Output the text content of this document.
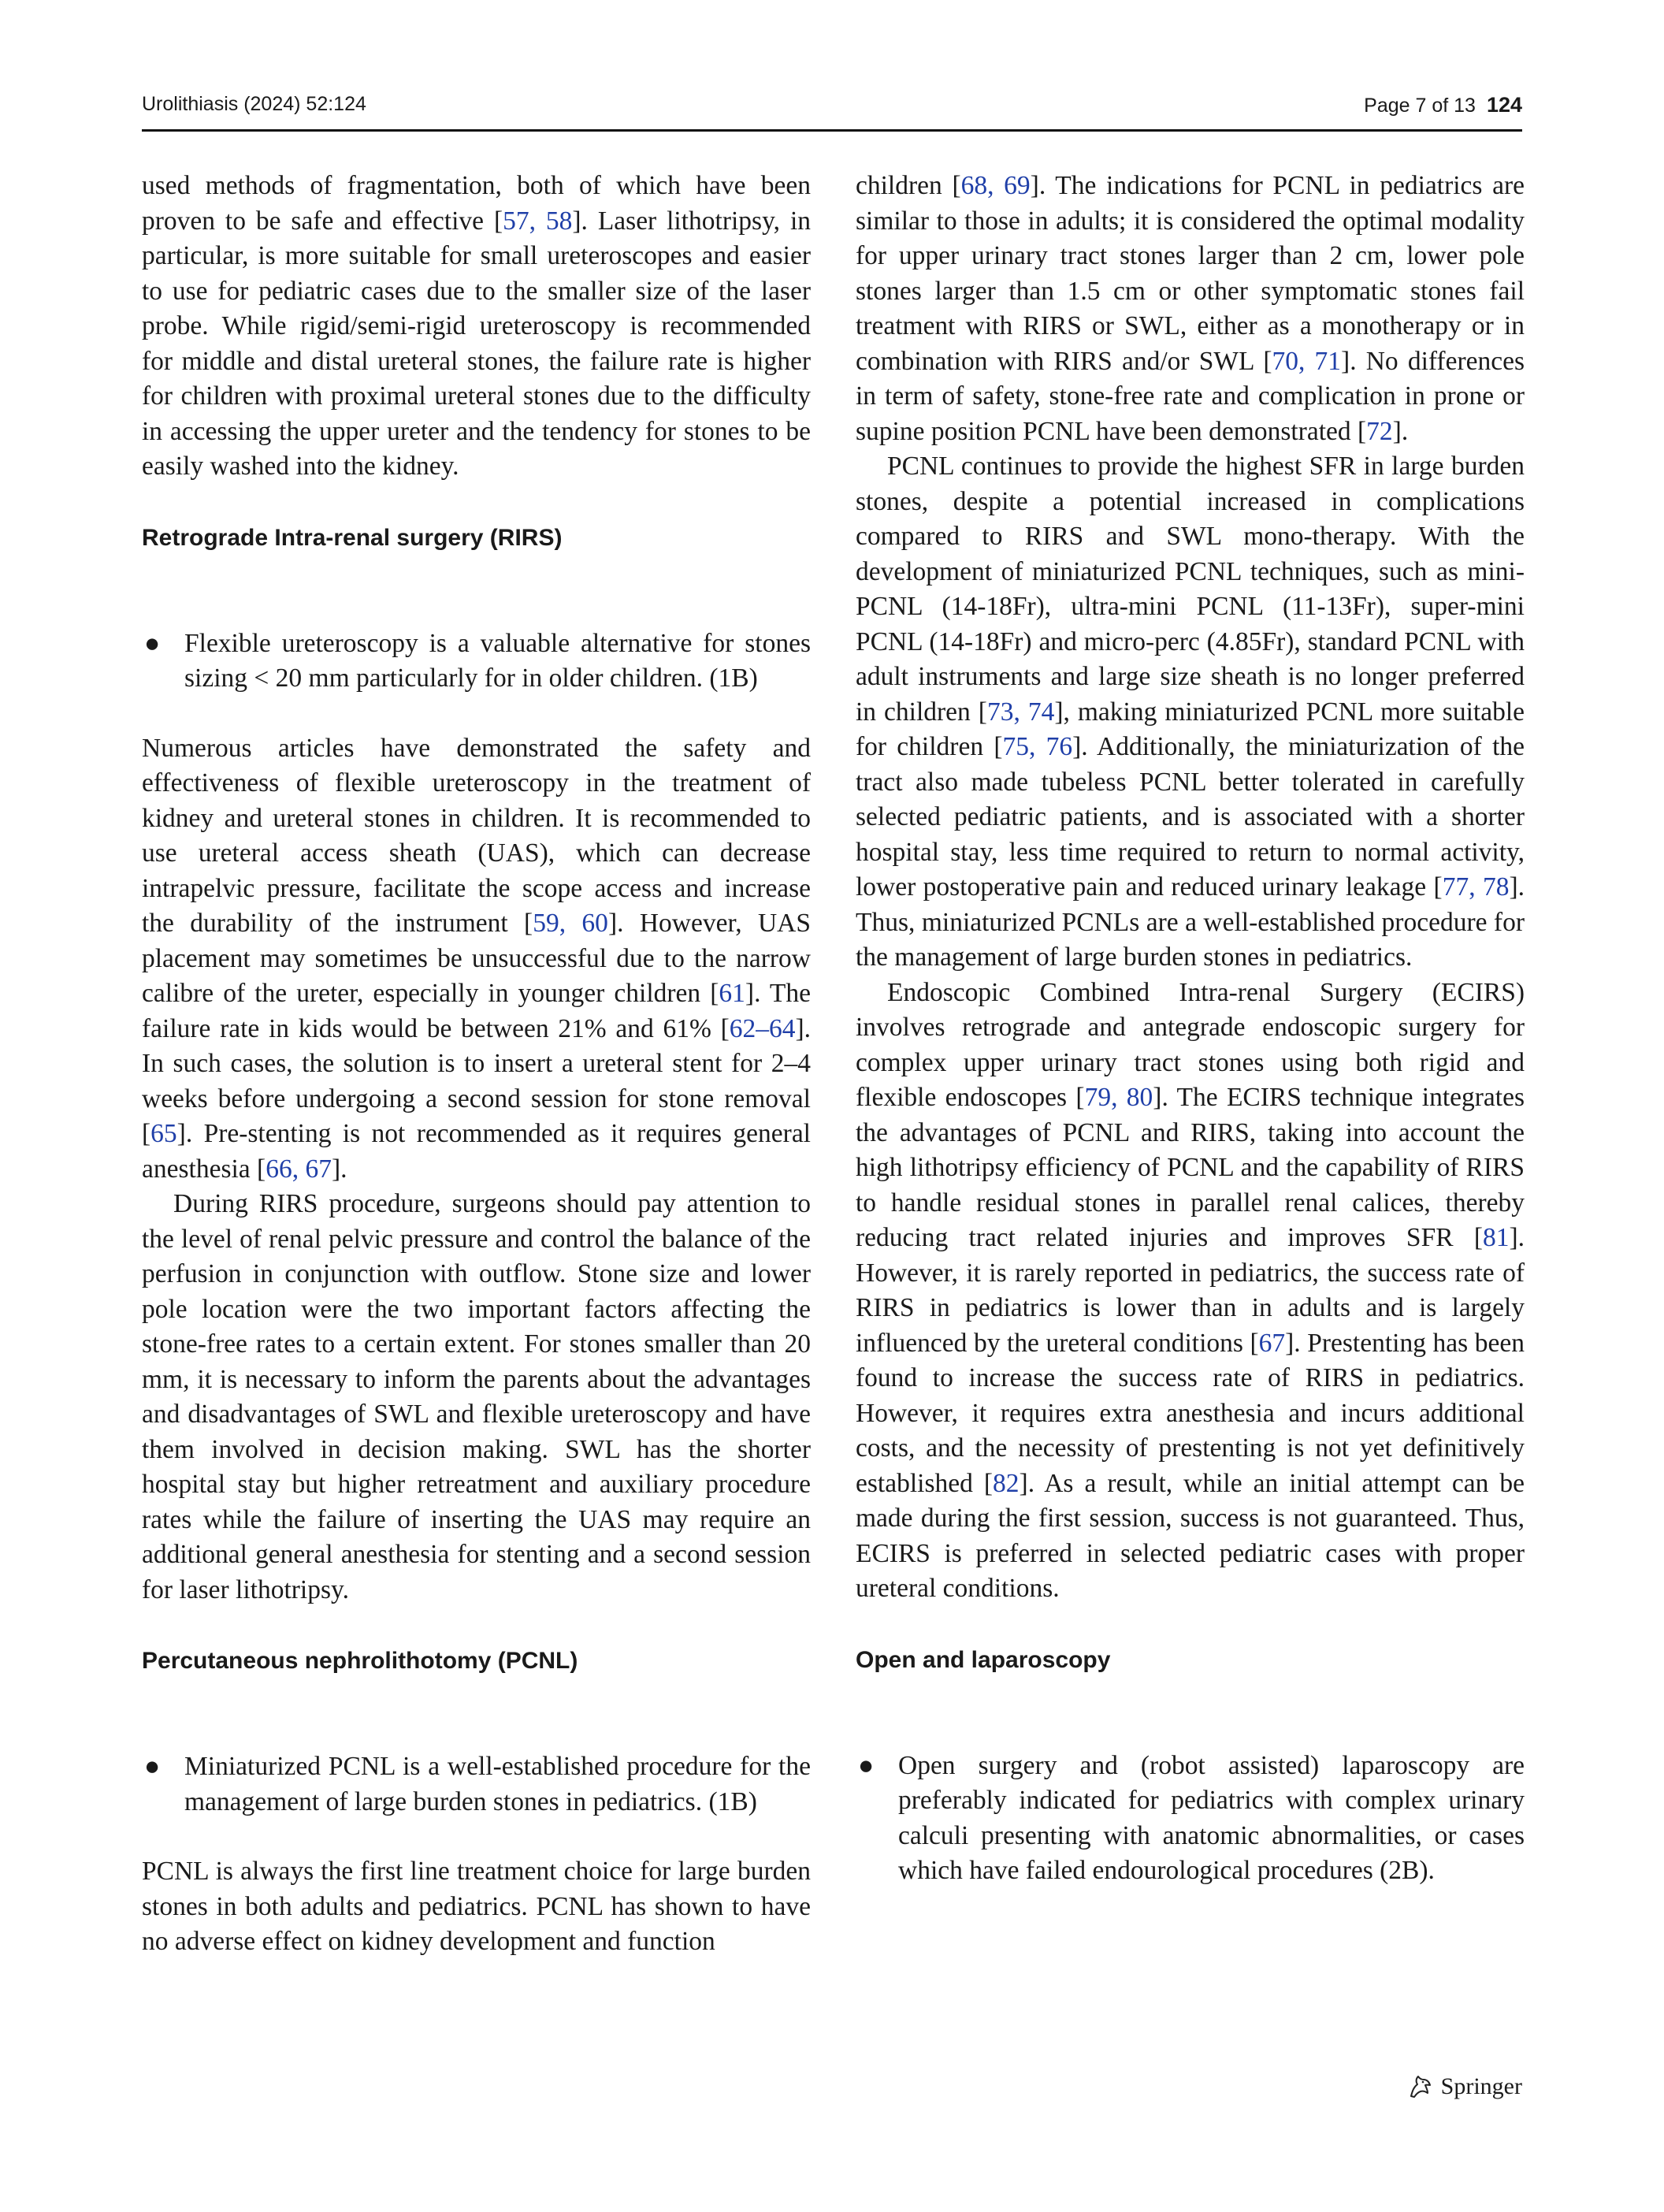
Urolithiasis (2024) 52:124	Page 7 of 13 124

used methods of fragmentation, both of which have been proven to be safe and effective [57, 58]. Laser lithotripsy, in particular, is more suitable for small ureteroscopes and easier to use for pediatric cases due to the smaller size of the laser probe. While rigid/semi-rigid ureteroscopy is recommended for middle and distal ureteral stones, the failure rate is higher for children with proximal ureteral stones due to the difficulty in accessing the upper ureter and the tendency for stones to be easily washed into the kidney.

Retrograde Intra-renal surgery (RIRS)
● Flexible ureteroscopy is a valuable alternative for stones sizing < 20 mm particularly for in older children. (1B)

Numerous articles have demonstrated the safety and effectiveness of flexible ureteroscopy in the treatment of kidney and ureteral stones in children. It is recommended to use ureteral access sheath (UAS), which can decrease intrapelvic pressure, facilitate the scope access and increase the durability of the instrument [59, 60]. However, UAS placement may sometimes be unsuccessful due to the narrow calibre of the ureter, especially in younger children [61]. The failure rate in kids would be between 21% and 61% [62–64]. In such cases, the solution is to insert a ureteral stent for 2–4 weeks before undergoing a second session for stone removal [65]. Pre-stenting is not recommended as it requires general anesthesia [66, 67].

During RIRS procedure, surgeons should pay attention to the level of renal pelvic pressure and control the balance of the perfusion in conjunction with outflow. Stone size and lower pole location were the two important factors affecting the stone-free rates to a certain extent. For stones smaller than 20 mm, it is necessary to inform the parents about the advantages and disadvantages of SWL and flexible ureteroscopy and have them involved in decision making. SWL has the shorter hospital stay but higher retreatment and auxiliary procedure rates while the failure of inserting the UAS may require an additional general anesthesia for stenting and a second session for laser lithotripsy.

Percutaneous nephrolithotomy (PCNL)
● Miniaturized PCNL is a well-established procedure for the management of large burden stones in pediatrics. (1B)

PCNL is always the first line treatment choice for large burden stones in both adults and pediatrics. PCNL has shown to have no adverse effect on kidney development and function

children [68, 69]. The indications for PCNL in pediatrics are similar to those in adults; it is considered the optimal modality for upper urinary tract stones larger than 2 cm, lower pole stones larger than 1.5 cm or other symptomatic stones fail treatment with RIRS or SWL, either as a monotherapy or in combination with RIRS and/or SWL [70, 71]. No differences in term of safety, stone-free rate and complication in prone or supine position PCNL have been demonstrated [72].

PCNL continues to provide the highest SFR in large burden stones, despite a potential increased in complications compared to RIRS and SWL mono-therapy. With the development of miniaturized PCNL techniques, such as mini-PCNL (14-18Fr), ultra-mini PCNL (11-13Fr), super-mini PCNL (14-18Fr) and micro-perc (4.85Fr), standard PCNL with adult instruments and large size sheath is no longer preferred in children [73, 74], making miniaturized PCNL more suitable for children [75, 76]. Additionally, the miniaturization of the tract also made tubeless PCNL better tolerated in carefully selected pediatric patients, and is associated with a shorter hospital stay, less time required to return to normal activity, lower postoperative pain and reduced urinary leakage [77, 78]. Thus, miniaturized PCNLs are a well-established procedure for the management of large burden stones in pediatrics.

Endoscopic Combined Intra-renal Surgery (ECIRS) involves retrograde and antegrade endoscopic surgery for complex upper urinary tract stones using both rigid and flexible endoscopes [79, 80]. The ECIRS technique integrates the advantages of PCNL and RIRS, taking into account the high lithotripsy efficiency of PCNL and the capability of RIRS to handle residual stones in parallel renal calices, thereby reducing tract related injuries and improves SFR [81]. However, it is rarely reported in pediatrics, the success rate of RIRS in pediatrics is lower than in adults and is largely influenced by the ureteral conditions [67]. Prestenting has been found to increase the success rate of RIRS in pediatrics. However, it requires extra anesthesia and incurs additional costs, and the necessity of prestenting is not yet definitively established [82]. As a result, while an initial attempt can be made during the first session, success is not guaranteed. Thus, ECIRS is preferred in selected pediatric cases with proper ureteral conditions.

Open and laparoscopy
● Open surgery and (robot assisted) laparoscopy are preferably indicated for pediatrics with complex urinary calculi presenting with anatomic abnormalities, or cases which have failed endourological procedures (2B).

Springer
